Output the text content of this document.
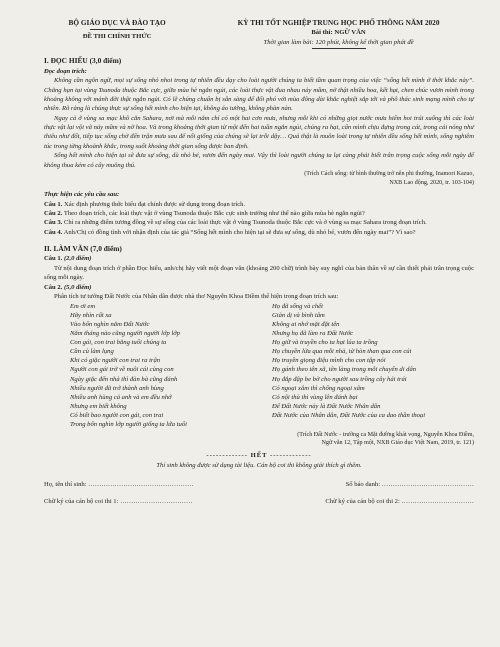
BỘ GIÁO DỤC VÀ ĐÀO TẠO
ĐỀ THI CHÍNH THỨC
KỲ THI TỐT NGHIỆP TRUNG HỌC PHỔ THÔNG NĂM 2020
Bài thi: NGỮ VĂN
Thời gian làm bài: 120 phút, không kể thời gian phát đề
I. ĐỌC HIỂU (3,0 điểm)
Đọc đoạn trích:

Không cần ngôn ngữ, mọi sự sống nhỏ nhoi trong tự nhiên đều dạy cho loài người chúng ta biết tầm quan trọng của việc “sống hết mình ở thời khắc này”. Chẳng hạn tại vùng Tsunoda thuộc Bắc cực, giữa mùa hè ngắn ngủi, các loài thực vật đua nhau nảy mầm, nở thật nhiều hoa, kết hạt, chen chúc vươn mình trong khoảng không với mảnh đời thật ngắn ngủi. Có lẽ chúng chuẩn bị sẵn sàng để đối phó với mùa đông dài khắc nghiệt sắp tới và phô thác sinh mạng mình cho tự nhiên. Rõ ràng là chúng thực sự sống hết mình cho hiện tại, không áo tưởng, không phàn nàn.

Ngay cả ở vùng sa mạc khô cằn Sahara, nơi mà mỗi năm chỉ có một hai cơn mưa, nhưng mỗi khi có những giọt nước mưa hiếm hoi trút xuống thì các loài thực vật lại vội vã nảy mầm và nở hoa. Và trong khoảng thời gian từ một đến hai tuần ngắn ngủi, chúng ra hạt, cẩn mình chịu đựng trong cát, trong cái nóng như thiêu như đốt, tiếp tục sống chờ đến trận mưa sau để nối giống của chúng sẽ lại trỗi dậy… Quả thật là muôn loài trong tự nhiên đều sống hết mình, sống nghiêm túc trong từng khoảnh khắc, trong suốt khoảng thời gian sống được ban định.

Sống hết mình cho hiện tại sẽ đưa sự sống, dù nhỏ bé, vươn đến ngày mai. Vậy thì loài người chúng ta lại càng phải biết trân trọng cuộc sống mỗi ngày để không thua kém có cây muông thú.

(Trích Cách sống: từ bình thường trở nên phi thường, Inamori Kazuo,
NXB Lao động, 2020, tr. 103-104)
Thực hiện các yêu cầu sau:

Câu 1. Xác định phương thức biểu đạt chính được sử dụng trong đoạn trích.

Câu 2. Theo đoạn trích, các loài thực vật ở vùng Tsunoda thuộc Bắc cực sinh trưởng như thế nào giữa mùa hè ngắn ngủi?

Câu 3. Chỉ ra những điểm tương đồng về sự sống của các loài thực vật ở vùng Tsunoda thuộc Bắc cực và ở vùng sa mạc Sahara trong đoạn trích.

Câu 4. Anh/Chị có đồng tình với nhận định của tác giả “Sống hết mình cho hiện tại sẽ đưa sự sống, dù nhỏ bé, vươn đến ngày mai”? Vì sao?

II. LÀM VĂN (7,0 điểm)

Câu 1. (2,0 điểm)

Từ nội dung đoạn trích ở phần Đọc hiểu, anh/chị hãy viết một đoạn văn (khoảng 200 chữ) trình bày suy nghĩ của bản thân về sự cần thiết phải trân trọng cuộc sống mỗi ngày.

Câu 2. (5,0 điểm)

Phân tích tư tưởng Đất Nước của Nhân dân được nhà thơ Nguyễn Khoa Điềm thể hiện trong đoạn trích sau:

Em ơi em
Hãy nhìn rất xa
Vào bốn nghìn năm Đất Nước
Năm tháng nào cũng người người lớp lớp
Con gái, con trai bằng tuổi chúng ta
Cần cù làm lụng
Khi có giặc người con trai ra trận
Người con gái trở về nuôi cái cùng con
Ngày giặc đến nhà thì đàn bà cũng đánh
Nhiều người đã trở thành anh hùng
Nhiều anh hùng cả anh và em đều nhớ
Nhưng em biết không
Có biết bao người con gái, con trai
Trong bốn nghìn lớp người giống ta lứa tuổi
Họ đã sống và chết
Giản dị và bình tâm
Không ai nhớ mặt đặt tên
Nhưng họ đã làm ra Đất Nước
Họ giữ và truyền cho ta hạt lúa ta trồng
Họ chuyền lửa qua mỗi nhà, từ hòn than qua con cúi
Họ truyền giọng điệu mình cho con tập nói
Họ gánh theo tên xã, tên làng trong mỗi chuyến di dân
Họ đắp đập be bờ cho người sau trồng cây hái trái
Có ngoại xâm thì chống ngoại xâm
Có nội thù thì vùng lên đánh bại
Để Đất Nước này là Đất Nước Nhân dân
Đất Nước của Nhân dân, Đất Nước của ca dao thần thoại
(Trích Đất Nước - trường ca Mặt đường khát vọng, Nguyễn Khoa Điềm,
Ngữ văn 12, Tập một, NXB Giáo dục Việt Nam, 2019, tr. 121)
------------- HẾT -------------
Thí sinh không được sử dụng tài liệu. Cán bộ coi thi không giải thích gì thêm.
Họ, tên thí sinh: …………………………………………	Số báo danh: ……………………………………
Chữ ký của cán bộ coi thi 1: ……………………………	Chữ ký của cán bộ coi thi 2: ……………………………
